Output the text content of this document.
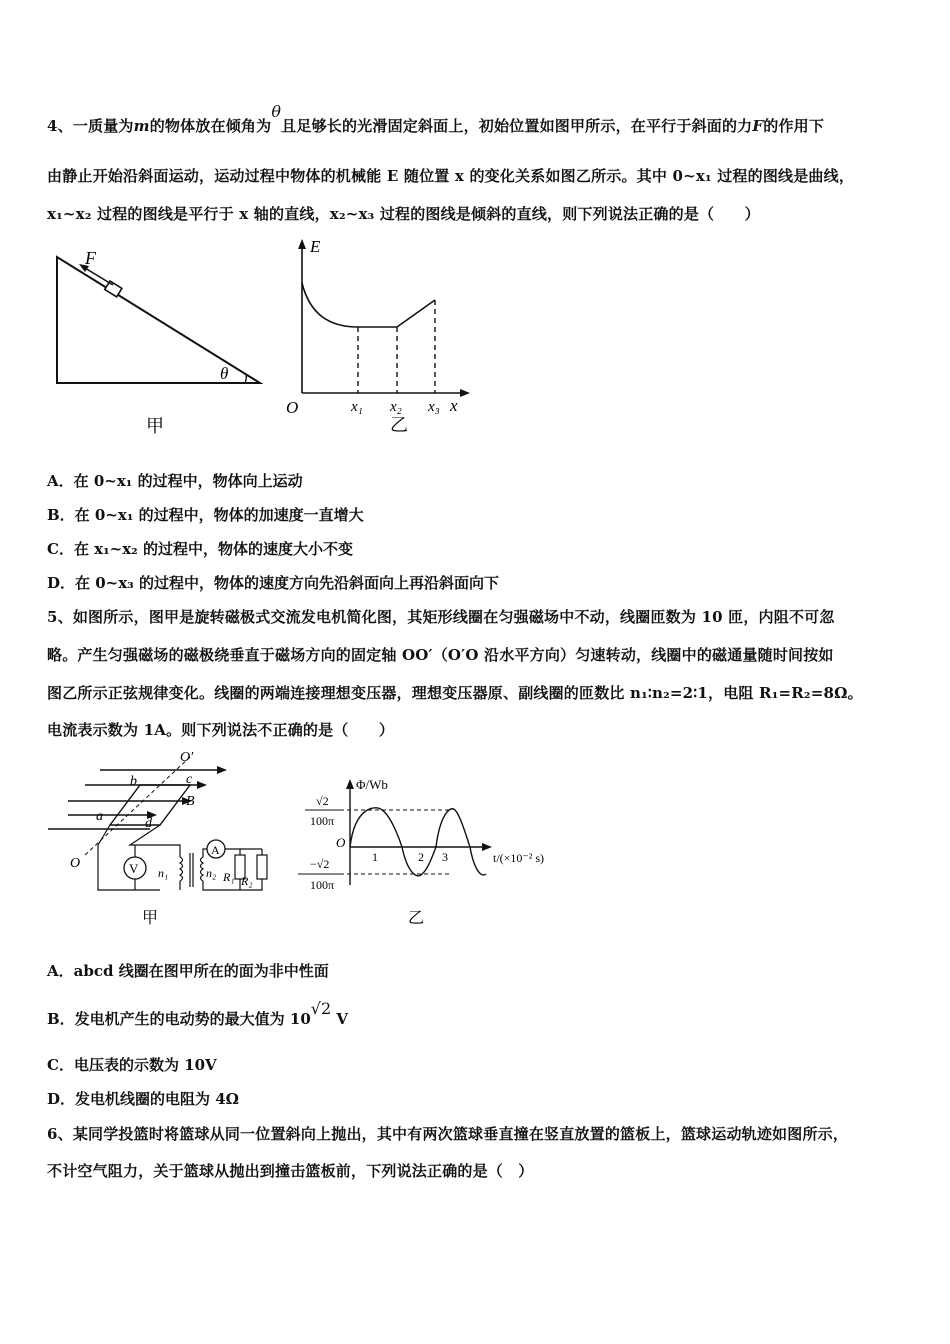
4、一质量为m的物体放在倾角为θ且足够长的光滑固定斜面上，初始位置如图甲所示，在平行于斜面的力F的作用下
由静止开始沿斜面运动，运动过程中物体的机械能 E 随位置 x 的变化关系如图乙所示。其中 0~x₁ 过程的图线是曲线，
x₁~x₂ 过程的图线是平行于 x 轴的直线，x₂~x₃ 过程的图线是倾斜的直线，则下列说法正确的是（　　）
F
θ
甲
E
O	x
x₁ x₂ x₃
乙
A．在 0~x₁ 的过程中，物体向上运动
B．在 0~x₁ 的过程中，物体的加速度一直增大
C．在 x₁~x₂ 的过程中，物体的速度大小不变
D．在 0~x₃ 的过程中，物体的速度方向先沿斜面向上再沿斜面向下
5、如图所示，图甲是旋转磁极式交流发电机简化图，其矩形线圈在匀强磁场中不动，线圈匝数为 10 匝，内阻不可忽
略。产生匀强磁场的磁极绕垂直于磁场方向的固定轴 OO′（O′O 沿水平方向）匀速转动，线圈中的磁通量随时间按如
图乙所示正弦规律变化。线圈的两端连接理想变压器，理想变压器原、副线圈的匝数比 n₁∶n₂=2∶1，电阻 R₁=R₂=8Ω。
电流表示数为 1A。则下列说法不正确的是（　　）
O′
b	c
B
a	d
O	V n₁	n₂
A
R₁ R₂
甲
Φ/Wb
t/(×10⁻² s)
O
√2
100π
−√2
100π
1	2 3
乙
A．abcd 线圈在图甲所在的面为非中性面
B．发电机产生的电动势的最大值为 10√2 V
C．电压表的示数为 10V
D．发电机线圈的电阻为 4Ω
6、某同学投篮时将篮球从同一位置斜向上抛出，其中有两次篮球垂直撞在竖直放置的篮板上，篮球运动轨迹如图所示，
不计空气阻力，关于篮球从抛出到撞击篮板前，下列说法正确的是（　）
